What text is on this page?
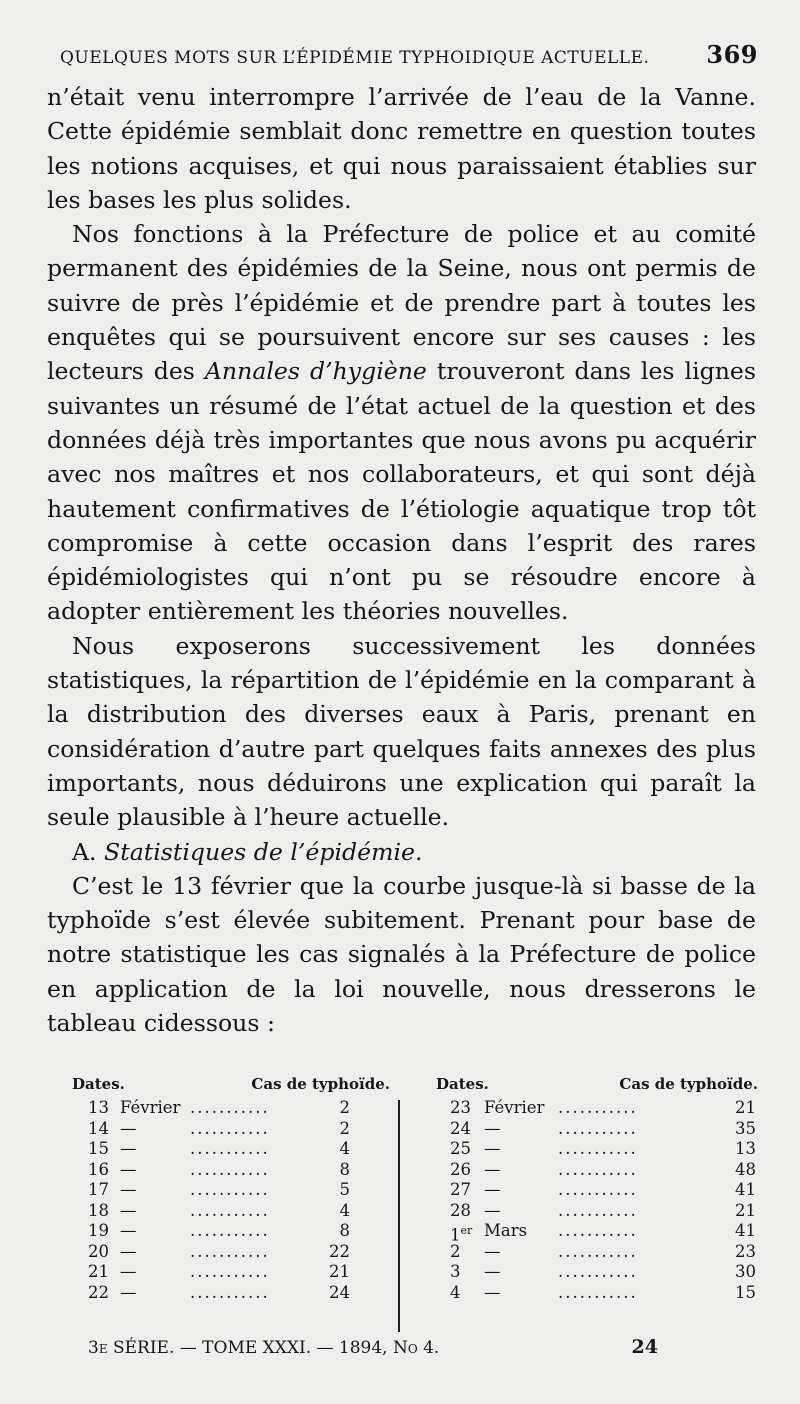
QUELQUES MOTS SUR L’ÉPIDÉMIE TYPHOIDIQUE ACTUELLE. 369

n’était venu interrompre l’arrivée de l’eau de la Vanne. Cette épidémie semblait donc remettre en question toutes les notions acquises, et qui nous paraissaient établies sur les bases les plus solides.

Nos fonctions à la Préfecture de police et au comité permanent des épidémies de la Seine, nous ont permis de suivre de près l’épidémie et de prendre part à toutes les enquêtes qui se poursuivent encore sur ses causes : les lecteurs des Annales d’hygiène trouveront dans les lignes suivantes un résumé de l’état actuel de la question et des données déjà très importantes que nous avons pu acquérir avec nos maîtres et nos collaborateurs, et qui sont déjà hautement confirmatives de l’étiologie aquatique trop tôt compromise à cette occasion dans l’esprit des rares épidémiologistes qui n’ont pu se résoudre encore à adopter entièrement les théories nouvelles.

Nous exposerons successivement les données statistiques, la répartition de l’épidémie en la comparant à la distribution des diverses eaux à Paris, prenant en considération d’autre part quelques faits annexes des plus importants, nous déduirons une explication qui paraît la seule plausible à l’heure actuelle.

A. Statistiques de l’épidémie.

C’est le 13 février que la courbe jusque-là si basse de la typhoïde s’est élevée subitement. Prenant pour base de notre statistique les cas signalés à la Préfecture de police en application de la loi nouvelle, nous dresserons le tableau cidessous :

Dates.	Cas de typhoïde.
13 Février ...........	2
14 —	...........	2
15 —	...........	4
16 —	...........	8
17 —	...........	5
18 —	...........	4
19 —	...........	8
20 —	...........	22
21 —	...........	21
22 —	...........	24
Dates.	Cas de typhoïde.
23 Février ...........	21
24 —	...........	35
25 —	...........	13
26 —	...........	48
27 —	...........	41
28 —	...........	21
1er Mars ...........	41
2 —	...........	23
3 —	...........	30
4 —	...........	15
3e SÉRIE. — TOME XXXI. — 1894, No 4.	24
